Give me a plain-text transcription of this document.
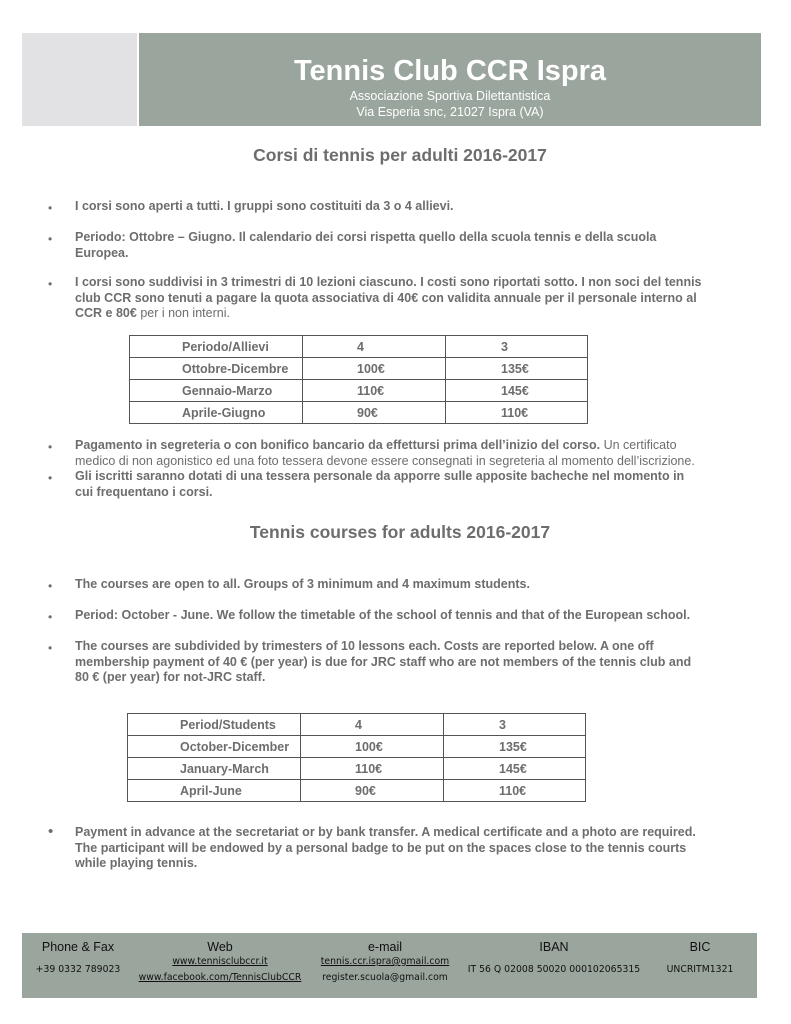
Tennis Club CCR Ispra
Associazione Sportiva Dilettantistica
Via Esperia snc, 21027 Ispra (VA)
Corsi di tennis per adulti 2016-2017
•	I corsi sono aperti a tutti. I gruppi sono costituiti da 3 o 4 allievi.
•	Periodo: Ottobre – Giugno. Il calendario dei corsi rispetta quello della scuola tennis e della scuola
Europea.
•	I corsi sono suddivisi in 3 trimestri di 10 lezioni ciascuno. I costi sono riportati sotto. I non soci del tennis
club CCR sono tenuti a pagare la quota associativa di 40€ con validita annuale per il personale interno al
CCR e 80€ per i non interni.
Periodo/Allievi	4	3
Ottobre-Dicembre	100€	135€
Gennaio-Marzo	110€	145€
Aprile-Giugno	90€	110€
•	Pagamento in segreteria o con bonifico bancario da effettursi prima dell’inizio del corso. Un certificato
medico di non agonistico ed una foto tessera devone essere consegnati in segreteria al momento dell’iscrizione.
•	Gli iscritti saranno dotati di una tessera personale da apporre sulle apposite bacheche nel momento in
cui frequentano i corsi.
Tennis courses for adults 2016-2017
•	The courses are open to all. Groups of 3 minimum and 4 maximum students.
•	Period: October - June. We follow the timetable of the school of tennis and that of the European school.
•	The courses are subdivided by trimesters of 10 lessons each. Costs are reported below. A one off
membership payment of 40 € (per year) is due for JRC staff who are not members of the tennis club and
80 € (per year) for not-JRC staff.
Period/Students	4	3
October-Dicember	100€	135€
January-March	110€	145€
April-June	90€	110€
•	Payment in advance at the secretariat or by bank transfer. A medical certificate and a photo are required.
The participant will be endowed by a personal badge to be put on the spaces close to the tennis courts
while playing tennis.
Phone & Fax
+39 0332 789023
Web
www.tennisclubccr.it
www.facebook.com/TennisClubCCR
e-mail
tennis.ccr.ispra@gmail.com
register.scuola@gmail.com
IBAN
IT 56 Q 02008 50020 000102065315
BIC
UNCRITM1321
